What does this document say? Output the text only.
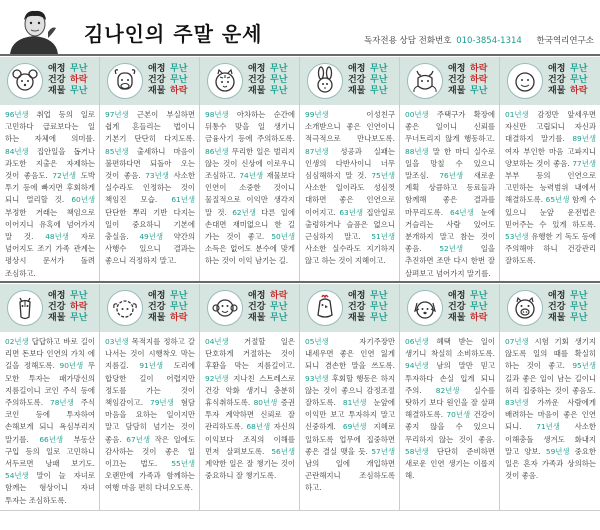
김나인의 주말 운세	독자전용 상담 전화번호 010-3854-1314 한국역리연구소
애정 무난
건강 하락
재물 무난
96년생 취업 등의 일로 고민하다 급료보다는 일 하는 자체에 의미를. 84년생 집안일을 돕거나 과도한 지출은 자제하는 것이 좋음도. 72년생 도박 투기 등에 빠지면 후회하게 되니 멀리할 것. 60년생 부정한 거래는 책임으로 이어지니 유혹에 넘어가지 말 것. 48년생 자로 넘어지도 조기 가족 관계는 평상시 문서가 돌려 조심하고.
애정 무난
건강 무난
재물 하락
97년생 근본이 부실하면 쉽게 흔들리는 법이니 기본기 단단히 다지도록. 85년생 출세하니 마음이 불편하다면 되돌아 오는 것이 좋음. 73년생 사소한 실수라도 인정하는 것이 책임진 모습. 61년생 단단한 뿌리 기반 다지는 일이 중요하니 기본에 충실음. 49년생 약간의 사행수 있으니 결과는 좋으니 걱정하지 말고.
애정 무난
건강 무난
재물 무난
98년생 아차하는 순간에 뒤통수 맞을 일 생기니 금융사기 등에 주의하도록. 86년생 무리한 일은 벌리지 않는 것이 신상에 이로우니 조심하고. 74년생 재물보다 인연이 소중한 것이니 물질적으로 이익만 생각지 말 것. 62년생 다른 일에 손대면 재미없으니 한 길 가는 것이 좋고. 50년생 소득은 없어도 분수에 맞게 하는 것이 이익 남기는 길.
애정 무난
건강 무난
재물 무난
99년생 이성친구 소개받으니 좋은 인연이니 적극적으로 만나보도록. 87년생 성공과 실패는 인생의 다반사이니 너무 심심해하지 말 것. 75년생 사소한 일이라도 성심껏 대하면 좋은 인연으로 이어지고. 63년생 집안일로 출렁하거나 슬픔은 없으니 근심하지 말고. 51년생 사소한 실수라도 지기하지 않고 하는 것이 지혜이고.
애정 하락
건강 하락
재물 무난
00년생 주택구가 확장에 좋은 일이니 신뢰를 무너트리지 않게 행동하고. 88년생 말 한 마디 실수로 일을 망칠 수 있으니 말조심. 76년생 새로운 계획 상큼하고 동료들과 함께해 좋은 결과를 마무리도록. 64년생 눈에 거슬리는 사람 있어도 분개하지 말고 참는 것이 좋음. 52년생 일을 추진하면 조만 다시 한번 잘 살펴보고 넘어가지 말기를.
애정 무난
건강 무난
재물 하락
01년생 감정만 앞세우면 자신만 고립되니 자신과 대결하지 말기를. 89년생 여자 부인한 마음 고파지니 양보하는 것이 좋음. 77년생 부부 등의 인연으로 고민하는 능력범위 내에서 해결하도록. 65년생 함께 수 있으니 눈앞 운전법은 믿어주는 수 있게 하도록. 53년생 유행한 기 독도 등에 주의해야 하니 건강관리 잘하도록.
애정 무난
건강 하락
재물 무난
02년생 답답하고 바로 길이 리면 돈보다 인연의 가치 에 길을 정해도록. 90년생 무 모한 투자는 패가망신의 지름길이니 코인 주식 등에 주의하도록. 78년생 주식 코인 등에 투자하여 손해보게 되니 욕심부리지 말기를. 66년생 부동산 구입 등의 일로 고민하니 서두르면 낭패 보기도. 54년생 말이 늘 자녀로 함께는 형상이니 자녀 투자는 조심하도록.
애정 무난
건강 무난
재물 하락
03년생 목적지를 정하고 갈 나서는 것이 시행착오 막는 지름길. 91년생 도리에 합당한 길이 어렵지만 정도를 가는 것이 책임감이고. 79년생 혐담 마음을 요하는 일이지만 말고 담담히 넘기는 것이 좋음. 67년생 작은 일에도 감사하는 것이 좋은 일 이끄는 법도. 55년생 오랜만에 가족과 함께하는 여행 마음 편히 다녀오도록.
애정 하락
건강 무난
재물 무난
04년생 거절할 일은 단호하게 거절하는 것이 후환을 막는 지름길이고. 92년생 지나친 스트레스로 건강 악화 생기니 충분히 휴식취하도록. 80년생 증권 투자 계약하면 신뢰로 잘 관리하도록. 68년생 자신의 이익보다 조직의 이해를 먼저 살펴보도록. 56년생 계약한 일은 잘 챙기는 것이 중요하니 잘 챙기도록.
애정 무난
건강 무난
재물 무난
05년생 자기주장만 내세우면 좋은 인연 잃게 되니 겸손한 말을 쓰도록. 93년생 후회할 행동은 하지 않는 것이 좋으니 감정조절 잘하도록. 81년생 눈앞에 이익만 보고 투자하지 말고 신중하게. 69년생 지혜로 일하도록 업무에 집중하면 좋은 결실 맺을 듯. 57년생 남의 일에 개입하면 곤란해지니 조심하도록 하고.
애정 무난
건강 무난
재물 하락
06년생 혜택 받는 일이 생기니 착실히 소비하도록. 94년생 남의 말만 믿고 투자하다 손실 입게 되니 주의. 82년생 실수를 탓하기 보다 원인을 잘 살펴 해결하도록. 70년생 건강이 좋지 않을 수 있으니 무리하지 않는 것이 좋음. 58년생 단단히 준비하면 새로운 인연 생기는 이롭지 해.
애정 무난
건강 무난
재물 무난
07년생 시험 기회 생기지 않도록 일의 때를 확실히 하는 것이 좋고. 95년생 길과 좋은 일이 남는 길이니 허리 집중하는 것이 좋음도. 83년생 가까운 사람에게 배려하는 마음이 좋은 인연 되니. 71년생 사소한 이해충돌 생겨도 화내지 말고 양보. 59년생 중요한 일은 혼자 가족과 상의하는 것이 좋음.
